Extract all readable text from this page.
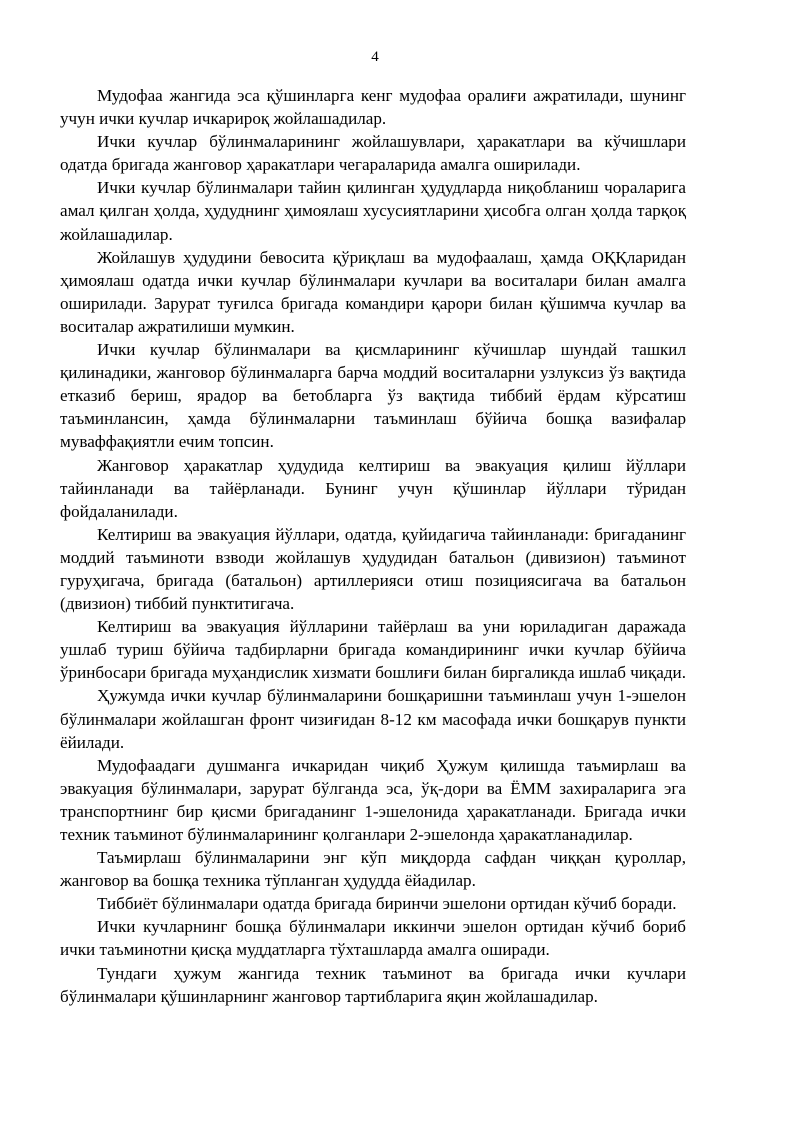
4

Мудофаа жангида эса қўшинларга кенг мудофаа оралиғи ажратилади, шунинг учун ички кучлар ичкарироқ жойлашадилар.

Ички кучлар бўлинмаларининг жойлашувлари, ҳаракатлари ва кўчишлари одатда бригада жанговор ҳаракатлари чегараларида амалга оширилади.

Ички кучлар бўлинмалари тайин қилинган ҳудудларда ниқобланиш чораларига амал қилган ҳолда, ҳудуднинг ҳимоялаш хусусиятларини ҳисобга олган ҳолда тарқоқ жойлашадилар.

Жойлашув ҳудудини бевосита қўриқлаш ва мудофаалаш, ҳамда ОҚҚларидан ҳимоялаш одатда ички кучлар бўлинмалари кучлари ва воситалари билан амалга оширилади. Зарурат туғилса бригада командири қарори билан қўшимча кучлар ва воситалар ажратилиши мумкин.

Ички кучлар бўлинмалари ва қисмларининг кўчишлар шундай ташкил қилинадики, жанговор бўлинмаларга барча моддий воситаларни узлуксиз ўз вақтида етказиб бериш, ярадор ва бетобларга ўз вақтида тиббий ёрдам кўрсатиш таъминлансин, ҳамда бўлинмаларни таъминлаш бўйича бошқа вазифалар муваффақиятли ечим топсин.

Жанговор ҳаракатлар ҳудудида келтириш ва эвакуация қилиш йўллари тайинланади ва тайёрланади. Бунинг учун қўшинлар йўллари тўридан фойдаланилади.

Келтириш ва эвакуация йўллари, одатда, қуйидагича тайинланади: бригаданинг моддий таъминоти взводи жойлашув ҳудудидан батальон (дивизион) таъминот гуруҳигача, бригада (батальон) артиллерияси отиш позициясигача ва батальон (двизион) тиббий пунктитигача.

Келтириш ва эвакуация йўлларини тайёрлаш ва уни юриладиган даражада ушлаб туриш бўйича тадбирларни бригада командирининг ички кучлар бўйича ўринбосари бригада муҳандислик хизмати бошлиғи билан биргаликда ишлаб чиқади.

Ҳужумда ички кучлар бўлинмаларини бошқаришни таъминлаш учун 1-эшелон бўлинмалари жойлашган фронт чизиғидан 8-12 км масофада ички бошқарув пункти ёйилади.

Мудофаадаги душманга ичкаридан чиқиб Ҳужум қилишда таъмирлаш ва эвакуация бўлинмалари, зарурат бўлганда эса, ўқ-дори ва ЁММ захираларига эга транспортнинг бир қисми бригаданинг 1-эшелонида ҳаракатланади. Бригада ички техник таъминот бўлинмаларининг қолганлари 2-эшелонда ҳаракатланадилар.

Таъмирлаш бўлинмаларини энг кўп миқдорда сафдан чиққан қуроллар, жанговор ва бошқа техника тўпланган ҳудудда ёйадилар.

Тиббиёт бўлинмалари одатда бригада биринчи эшелони ортидан кўчиб боради.

Ички кучларнинг бошқа бўлинмалари иккинчи эшелон ортидан кўчиб бориб ички таъминотни қисқа муддатларга тўхташларда амалга оширади.

Тундаги ҳужум жангида техник таъминот ва бригада ички кучлари бўлинмалари қўшинларнинг жанговор тартибларига яқин жойлашадилар.
